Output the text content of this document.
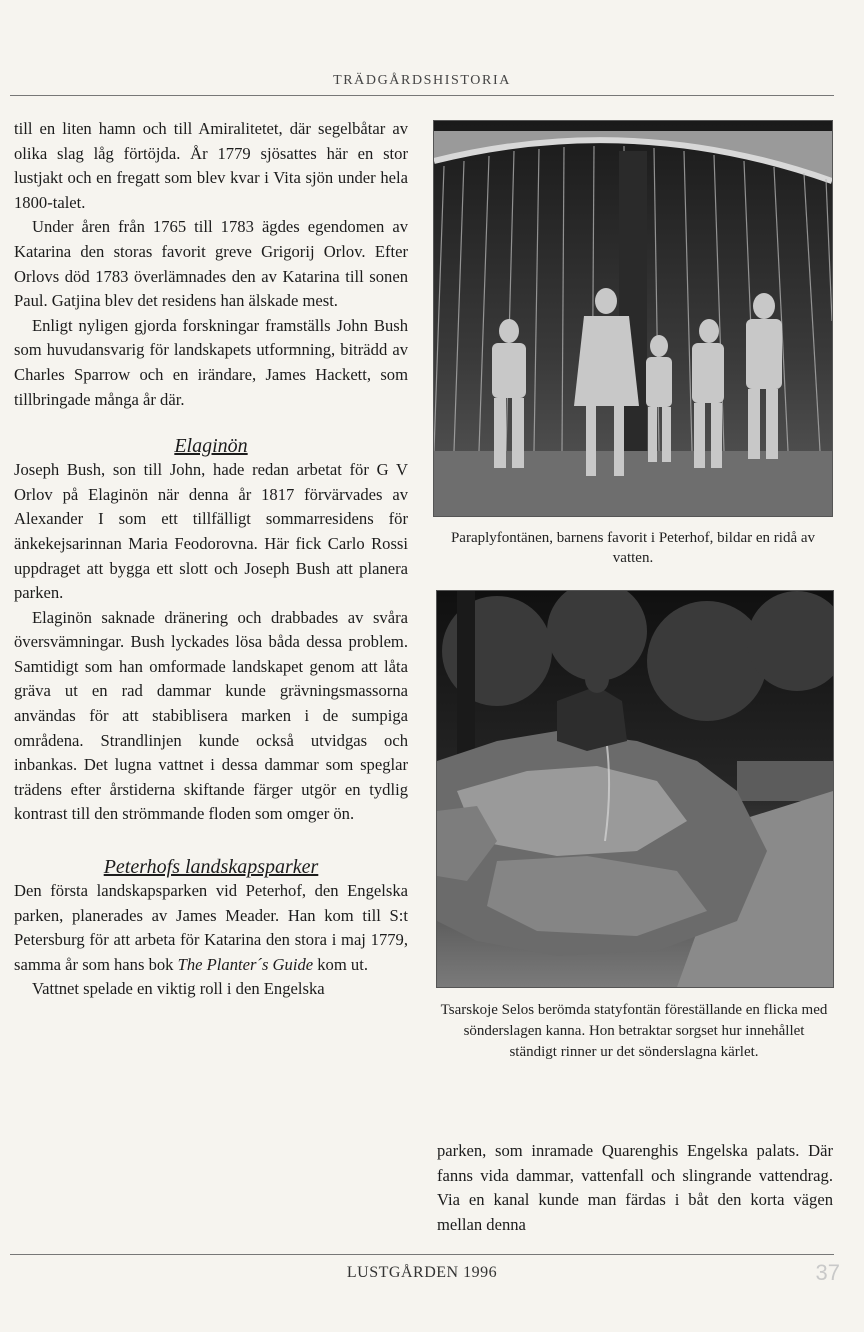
TRÄDGÅRDSHISTORIA

till en liten hamn och till Amiralitetet, där segelbåtar av olika slag låg förtöjda. År 1779 sjösattes här en stor lustjakt och en fregatt som blev kvar i Vita sjön under hela 1800-talet.

Under åren från 1765 till 1783 ägdes egendomen av Katarina den storas favorit greve Grigorij Orlov. Efter Orlovs död 1783 överlämnades den av Katarina till sonen Paul. Gatjina blev det residens han älskade mest.

Enligt nyligen gjorda forskningar framställs John Bush som huvudansvarig för landskapets utformning, biträdd av Charles Sparrow och en irändare, James Hackett, som tillbringade många år där.

Elaginön

Joseph Bush, son till John, hade redan arbetat för G V Orlov på Elaginön när denna år 1817 förvärvades av Alexander I som ett tillfälligt sommarresidens för änkekejsarinnan Maria Feodorovna. Här fick Carlo Rossi uppdraget att bygga ett slott och Joseph Bush att planera parken.

Elaginön saknade dränering och drabbades av svåra översvämningar. Bush lyckades lösa båda dessa problem. Samtidigt som han omformade landskapet genom att låta gräva ut en rad dammar kunde grävningsmassorna användas för att stabiblisera marken i de sumpiga områdena. Strandlinjen kunde också utvidgas och inbankas. Det lugna vattnet i dessa dammar som speglar trädens efter årstiderna skiftande färger utgör en tydlig kontrast till den strömmande floden som omger ön.

Peterhofs landskapsparker

Den första landskapsparken vid Peterhof, den Engelska parken, planerades av James Meader. Han kom till S:t Petersburg för att arbeta för Katarina den stora i maj 1779, samma år som hans bok The Planter´s Guide kom ut.

Vattnet spelade en viktig roll i den Engelska

Paraplyfontänen, barnens favorit i Peterhof, bildar en ridå av vatten.
Tsarskoje Selos berömda statyfontän föreställande en flicka med sönderslagen kanna. Hon betraktar sorgset hur innehållet ständigt rinner ur det sönderslagna kärlet.

parken, som inramade Quarenghis Engelska palats. Där fanns vida dammar, vattenfall och slingrande vattendrag. Via en kanal kunde man färdas i båt den korta vägen mellan denna

LUSTGÅRDEN 1996	37
